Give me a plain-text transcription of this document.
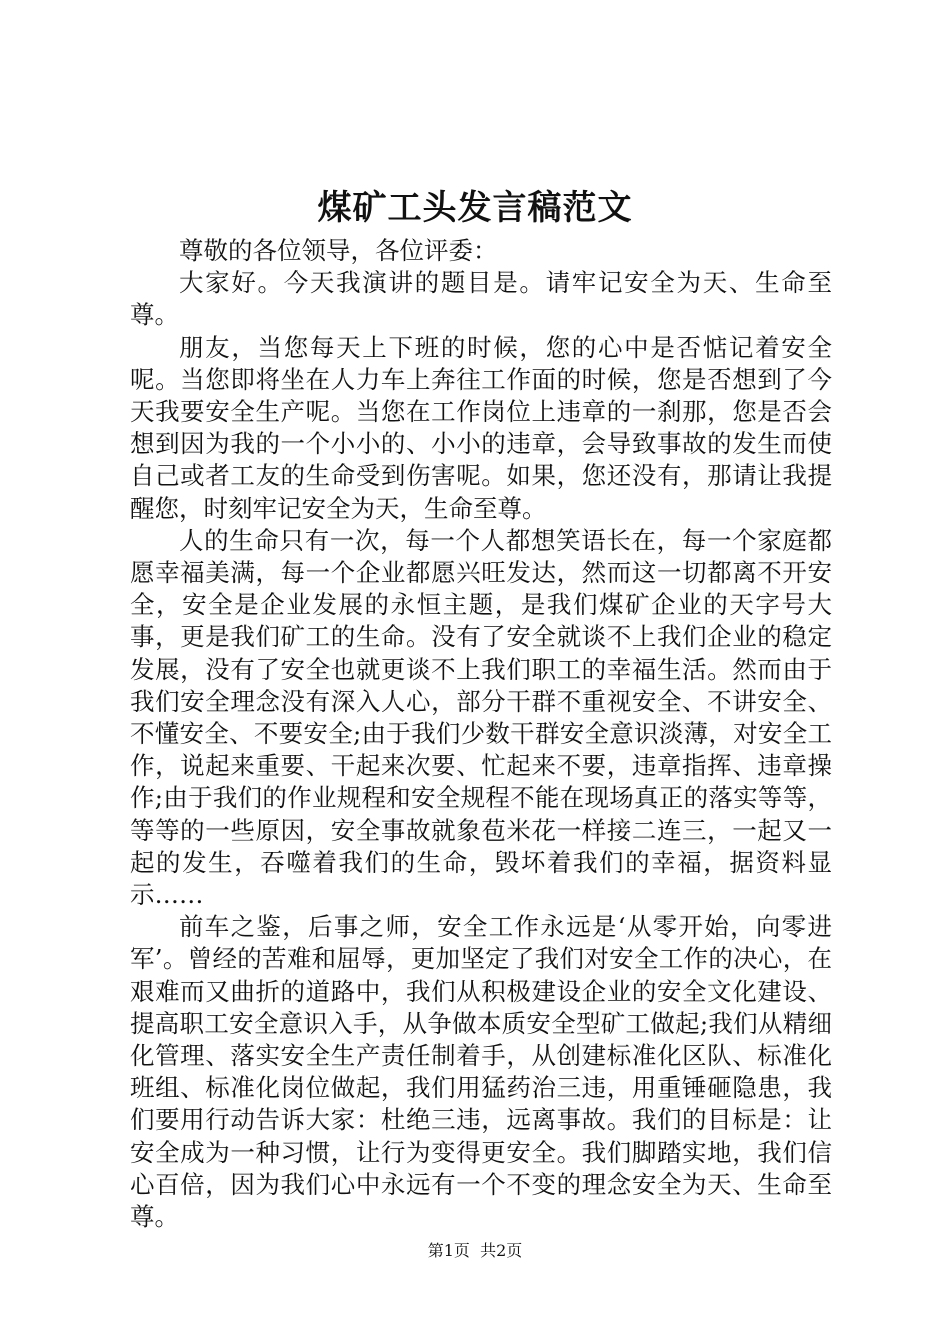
煤矿工头发言稿范文

尊敬的各位领导，各位评委：

大家好。今天我演讲的题目是。请牢记安全为天、生命至尊。

朋友，当您每天上下班的时候，您的心中是否惦记着安全呢。当您即将坐在人力车上奔往工作面的时候，您是否想到了今天我要安全生产呢。当您在工作岗位上违章的一刹那，您是否会想到因为我的一个小小的、小小的违章，会导致事故的发生而使自己或者工友的生命受到伤害呢。如果，您还没有，那请让我提醒您，时刻牢记安全为天，生命至尊。

人的生命只有一次，每一个人都想笑语长在，每一个家庭都愿幸福美满，每一个企业都愿兴旺发达，然而这一切都离不开安全，安全是企业发展的永恒主题，是我们煤矿企业的天字号大事，更是我们矿工的生命。没有了安全就谈不上我们企业的稳定发展，没有了安全也就更谈不上我们职工的幸福生活。然而由于我们安全理念没有深入人心，部分干群不重视安全、不讲安全、不懂安全、不要安全;由于我们少数干群安全意识淡薄，对安全工作，说起来重要、干起来次要、忙起来不要，违章指挥、违章操作;由于我们的作业规程和安全规程不能在现场真正的落实等等，等等的一些原因，安全事故就象苞米花一样接二连三，一起又一起的发生，吞噬着我们的生命，毁坏着我们的幸福，据资料显示……

前车之鉴，后事之师，安全工作永远是‘从零开始，向零进军’。曾经的苦难和屈辱，更加坚定了我们对安全工作的决心，在艰难而又曲折的道路中，我们从积极建设企业的安全文化建设、提高职工安全意识入手，从争做本质安全型矿工做起;我们从精细化管理、落实安全生产责任制着手，从创建标准化区队、标准化班组、标准化岗位做起，我们用猛药治三违，用重锤砸隐患，我们要用行动告诉大家：杜绝三违，远离事故。我们的目标是：让安全成为一种习惯，让行为变得更安全。我们脚踏实地，我们信心百倍，因为我们心中永远有一个不变的理念安全为天、生命至尊。

第1页 共2页
